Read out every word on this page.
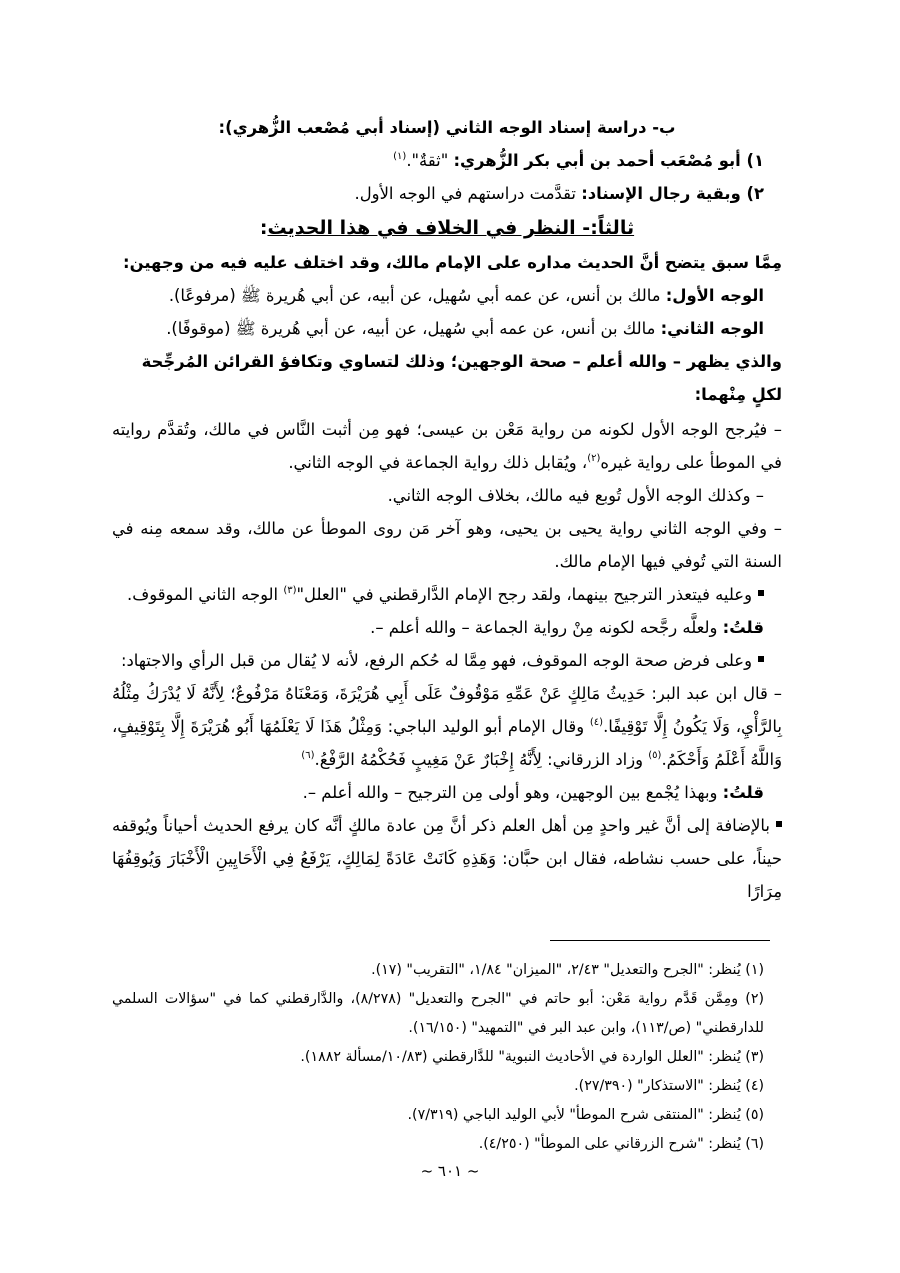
ب- دراسة إسناد الوجه الثاني (إسناد أبي مُصْعب الزُّهري):

١) أبو مُصْعَب أحمد بن أبي بكر الزُّهري: "ثقةٌ".$^{(١)}$

٢) وبقية رجال الإسناد: تقدَّمت دراستهم في الوجه الأول.

ثالثاً:- النظر في الخلاف في هذا الحديث:

مِمَّا سبق يتضح أنَّ الحديث مداره على الإمام مالك، وقد اختلف عليه فيه من وجهين:

الوجه الأول: مالك بن أنس، عن عمه أبي سُهيل، عن أبيه، عن أبي هُريرة ﷺ (مرفوعًا).

الوجه الثاني: مالك بن أنس، عن عمه أبي سُهيل، عن أبيه، عن أبي هُريرة ﷺ (موقوفًا).

والذي يظهر – والله أعلم – صحة الوجهين؛ وذلك لتساوي وتكافؤ القرائن المُرجِّحة لكلٍ مِنْهما:

– فيُرجح الوجه الأول لكونه من رواية مَعْن بن عيسى؛ فهو مِن أثبت النَّاس في مالك، وتُقدَّم روايته في الموطأ على رواية غيره$^{(٢)}$، ويُقابل ذلك رواية الجماعة في الوجه الثاني.

– وكذلك الوجه الأول تُوبع فيه مالك، بخلاف الوجه الثاني.

– وفي الوجه الثاني رواية يحيى بن يحيى، وهو آخر مَن روى الموطأ عن مالك، وقد سمعه مِنه في السنة التي تُوفي فيها الإمام مالك.

وعليه فيتعذر الترجيح بينهما، ولقد رجح الإمام الدَّارقطني في "العلل"$^{(٣)}$ الوجه الثاني الموقوف.

قلتُ: ولعلَّه رجَّحه لكونه مِنْ رواية الجماعة – والله أعلم –.

وعلى فرض صحة الوجه الموقوف، فهو مِمَّا له حُكم الرفع، لأنه لا يُقال من قبل الرأي والاجتهاد:

– قال ابن عبد البر: حَدِيثُ مَالِكٍ عَنْ عَمِّهِ مَوْقُوفٌ عَلَى أَبِي هُرَيْرَةَ، وَمَعْنَاهُ مَرْفُوعٌ؛ لِأَنَّهُ لَا يُدْرَكُ مِثْلُهُ بِالرَّأْيِ، وَلَا يَكُونُ إِلَّا تَوْقِيفًا.$^{(٤)}$ وقال الإمام أبو الوليد الباجي: وَمِثْلُ هَذَا لَا يَعْلَمُهَا أَبُو هُرَيْرَةَ إِلَّا بِتَوْقِيفٍ، وَاللَّهُ أَعْلَمُ وَأَحْكَمُ.$^{(٥)}$ وزاد الزرقاني: لِأَنَّهُ إِخْبَارٌ عَنْ مَغِيبٍ فَحُكْمُهُ الرَّفْعُ.$^{(٦)}$

قلتُ: وبهذا يُجْمع بين الوجهين، وهو أولى مِن الترجيح – والله أعلم –.

بالإضافة إلى أنَّ غير واحدٍ مِن أهل العلم ذكر أنَّ مِن عادة مالكٍ أنَّه كان يرفع الحديث أحياناً ويُوقفه حيناً، على حسب نشاطه، فقال ابن حبَّان: وَهَذِهِ كَانَتْ عَادَةً لِمَالِكٍ، يَرْفَعُ فِي الْأَحَايِينِ الْأَخْبَارَ وَيُوقِفُهَا مِرَارًا

(١) يُنظر: "الجرح والتعديل" ٢/٤٣، "الميزان" ١/٨٤، "التقريب" (١٧).

(٢) ومِمَّن قَدَّم رواية مَعْن: أبو حاتم في "الجرح والتعديل" (٨/٢٧٨)، والدَّارقطني كما في "سؤالات السلمي للدارقطني" (ص/١١٣)، وابن عبد البر في "التمهيد" (١٦/١٥٠).

(٣) يُنظر: "العلل الواردة في الأحاديث النبوية" للدَّارقطني (١٠/٨٣/مسألة ١٨٨٢).

(٤) يُنظر: "الاستذكار" (٢٧/٣٩٠).

(٥) يُنظر: "المنتقى شرح الموطأ" لأبي الوليد الباجي (٧/٣١٩).

(٦) يُنظر: "شرح الزرقاني على الموطأ" (٤/٢٥٠).

~ ٦٠١ ~
